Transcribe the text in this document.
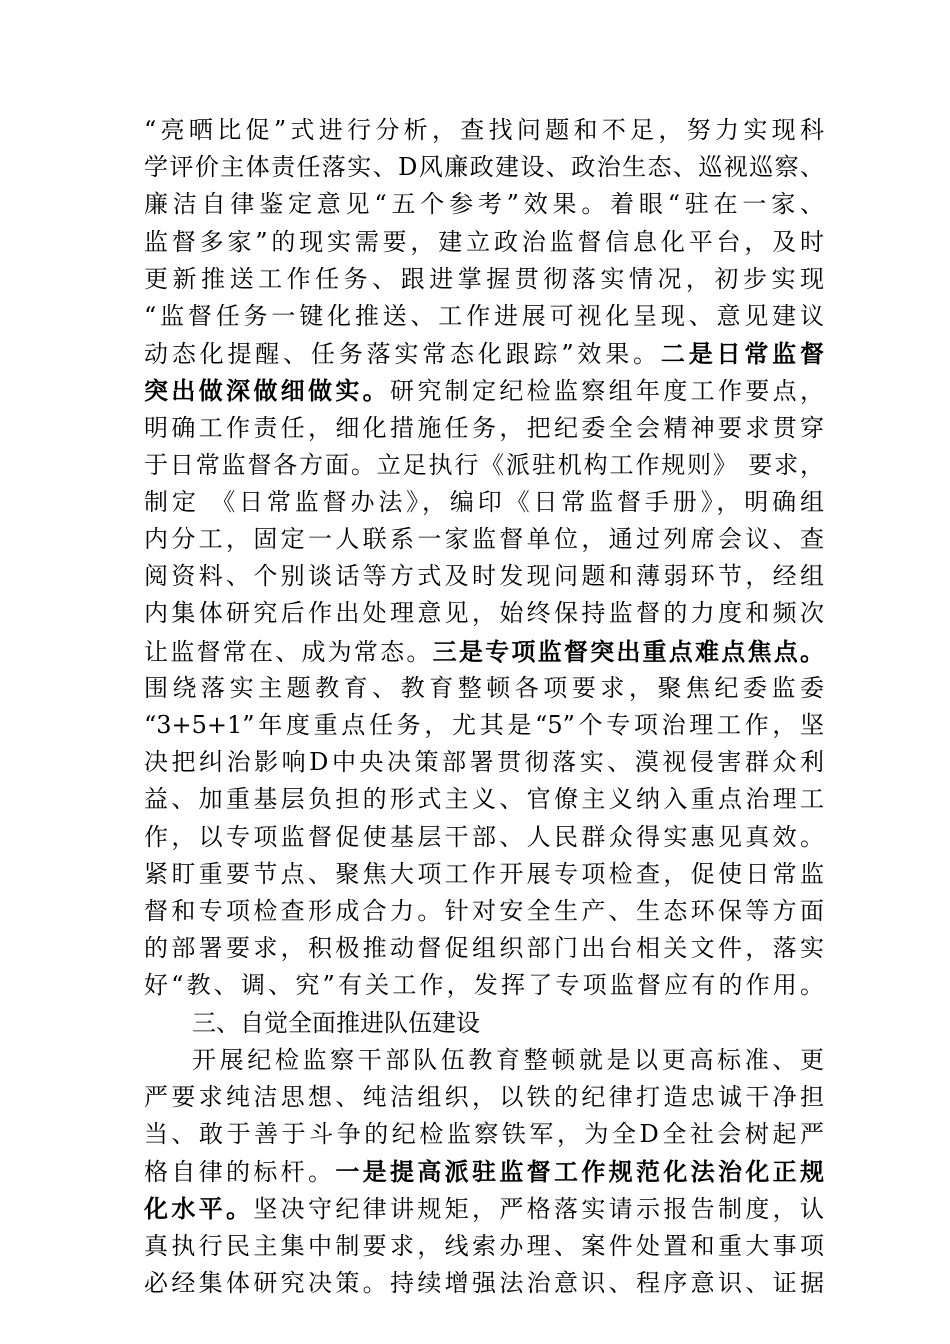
“亮晒比促”式进行分析，查找问题和不足，努力实现科
学评价主体责任落实、D风廉政建设、政治生态、巡视巡察、
廉洁自律鉴定意见“五个参考”效果。着眼“驻在一家、
监督多家”的现实需要，建立政治监督信息化平台，及时
更新推送工作任务、跟进掌握贯彻落实情况，初步实现
“监督任务一键化推送、工作进展可视化呈现、意见建议
动态化提醒、任务落实常态化跟踪”效果。二是日常监督
突出做深做细做实。研究制定纪检监察组年度工作要点，
明确工作责任，细化措施任务，把纪委全会精神要求贯穿
于日常监督各方面。立足执行《派驻机构工作规则》 要求，
制定 《日常监督办法》，编印《日常监督手册》，明确组
内分工，固定一人联系一家监督单位，通过列席会议、查
阅资料、个别谈话等方式及时发现问题和薄弱环节，经组
内集体研究后作出处理意见，始终保持监督的力度和频次
让监督常在、成为常态。三是专项监督突出重点难点焦点。
围绕落实主题教育、教育整顿各项要求，聚焦纪委监委
“3+5+1”年度重点任务，尤其是“5”个专项治理工作，坚
决把纠治影响D中央决策部署贯彻落实、漠视侵害群众利
益、加重基层负担的形式主义、官僚主义纳入重点治理工
作，以专项监督促使基层干部、人民群众得实惠见真效。
紧盯重要节点、聚焦大项工作开展专项检查，促使日常监
督和专项检查形成合力。针对安全生产、生态环保等方面
的部署要求，积极推动督促组织部门出台相关文件，落实
好“教、调、究”有关工作，发挥了专项监督应有的作用。
三、自觉全面推进队伍建设
开展纪检监察干部队伍教育整顿就是以更高标准、更
严要求纯洁思想、纯洁组织，以铁的纪律打造忠诚干净担
当、敢于善于斗争的纪检监察铁军，为全D全社会树起严
格自律的标杆。一是提高派驻监督工作规范化法治化正规
化水平。坚决守纪律讲规矩，严格落实请示报告制度，认
真执行民主集中制要求，线索办理、案件处置和重大事项
必经集体研究决策。持续增强法治意识、程序意识、证据
